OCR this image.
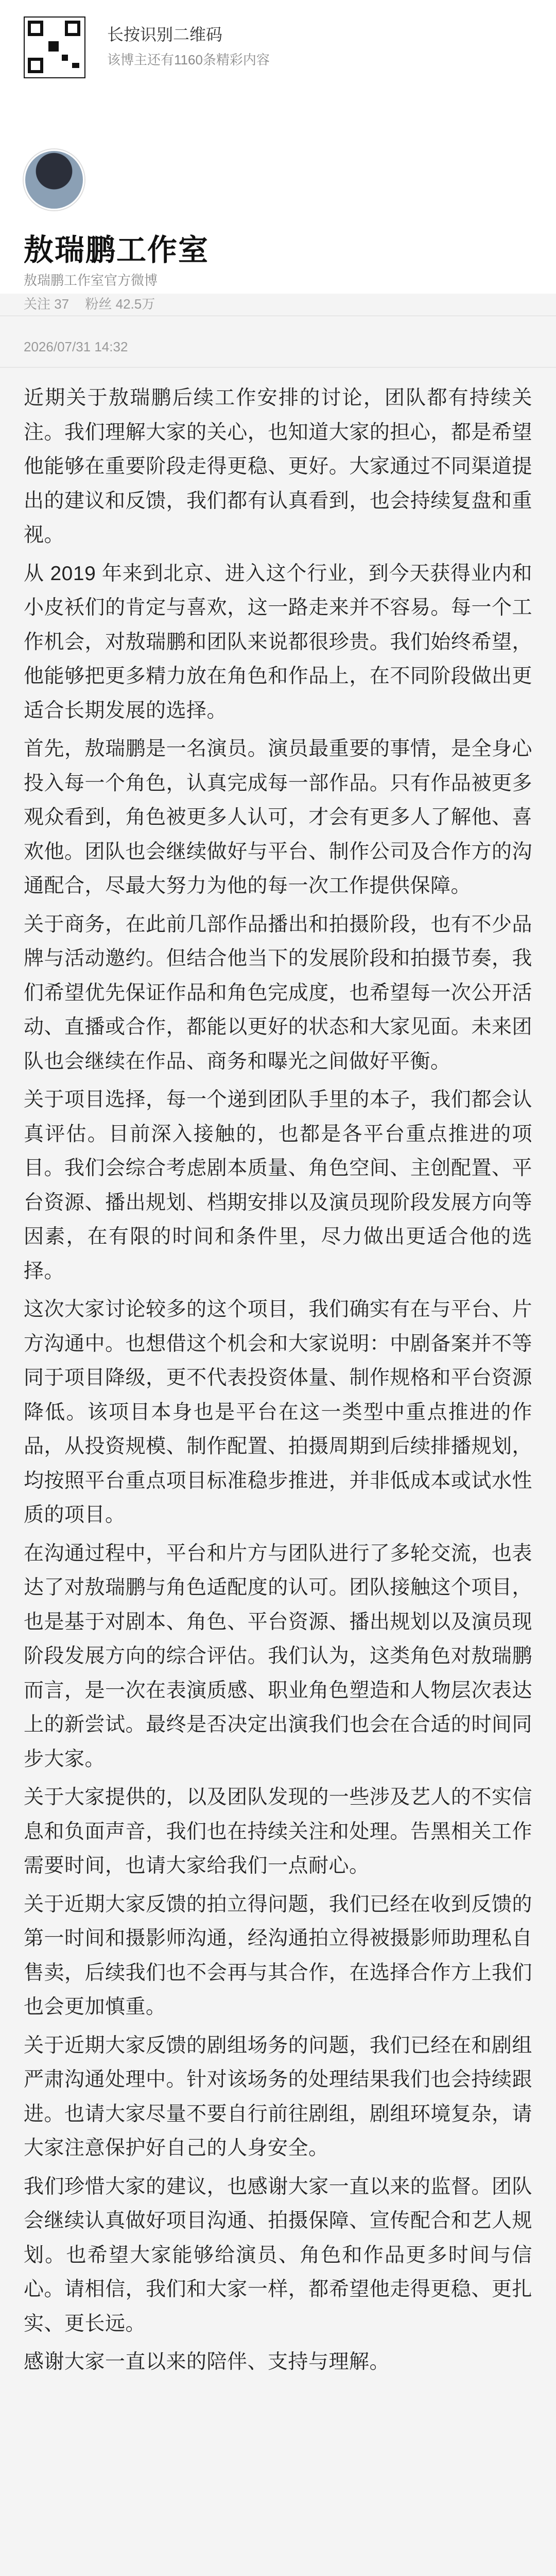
长按识别二维码
该博主还有1160条精彩内容
敖瑞鹏工作室
敖瑞鹏工作室官方微博
关注 37 粉丝 42.5万
2026/07/31 14:32

近期关于敖瑞鹏后续工作安排的讨论，团队都有持续关注。我们理解大家的关心，也知道大家的担心，都是希望他能够在重要阶段走得更稳、更好。大家通过不同渠道提出的建议和反馈，我们都有认真看到，也会持续复盘和重视。

从 2019 年来到北京、进入这个行业，到今天获得业内和小皮袄们的肯定与喜欢，这一路走来并不容易。每一个工作机会，对敖瑞鹏和团队来说都很珍贵。我们始终希望，他能够把更多精力放在角色和作品上，在不同阶段做出更适合长期发展的选择。

首先，敖瑞鹏是一名演员。演员最重要的事情，是全身心投入每一个角色，认真完成每一部作品。只有作品被更多观众看到，角色被更多人认可，才会有更多人了解他、喜欢他。团队也会继续做好与平台、制作公司及合作方的沟通配合，尽最大努力为他的每一次工作提供保障。

关于商务，在此前几部作品播出和拍摄阶段，也有不少品牌与活动邀约。但结合他当下的发展阶段和拍摄节奏，我们希望优先保证作品和角色完成度，也希望每一次公开活动、直播或合作，都能以更好的状态和大家见面。未来团队也会继续在作品、商务和曝光之间做好平衡。

关于项目选择，每一个递到团队手里的本子，我们都会认真评估。目前深入接触的，也都是各平台重点推进的项目。我们会综合考虑剧本质量、角色空间、主创配置、平台资源、播出规划、档期安排以及演员现阶段发展方向等因素，在有限的时间和条件里，尽力做出更适合他的选择。

这次大家讨论较多的这个项目，我们确实有在与平台、片方沟通中。也想借这个机会和大家说明：中剧备案并不等同于项目降级，更不代表投资体量、制作规格和平台资源降低。该项目本身也是平台在这一类型中重点推进的作品，从投资规模、制作配置、拍摄周期到后续排播规划，均按照平台重点项目标准稳步推进，并非低成本或试水性质的项目。

在沟通过程中，平台和片方与团队进行了多轮交流，也表达了对敖瑞鹏与角色适配度的认可。团队接触这个项目，也是基于对剧本、角色、平台资源、播出规划以及演员现阶段发展方向的综合评估。我们认为，这类角色对敖瑞鹏而言，是一次在表演质感、职业角色塑造和人物层次表达上的新尝试。最终是否决定出演我们也会在合适的时间同步大家。

关于大家提供的，以及团队发现的一些涉及艺人的不实信息和负面声音，我们也在持续关注和处理。告黑相关工作需要时间，也请大家给我们一点耐心。

关于近期大家反馈的拍立得问题，我们已经在收到反馈的第一时间和摄影师沟通，经沟通拍立得被摄影师助理私自售卖，后续我们也不会再与其合作，在选择合作方上我们也会更加慎重。

关于近期大家反馈的剧组场务的问题，我们已经在和剧组严肃沟通处理中。针对该场务的处理结果我们也会持续跟进。也请大家尽量不要自行前往剧组，剧组环境复杂，请大家注意保护好自己的人身安全。

我们珍惜大家的建议，也感谢大家一直以来的监督。团队会继续认真做好项目沟通、拍摄保障、宣传配合和艺人规划。也希望大家能够给演员、角色和作品更多时间与信心。请相信，我们和大家一样，都希望他走得更稳、更扎实、更长远。

感谢大家一直以来的陪伴、支持与理解。
